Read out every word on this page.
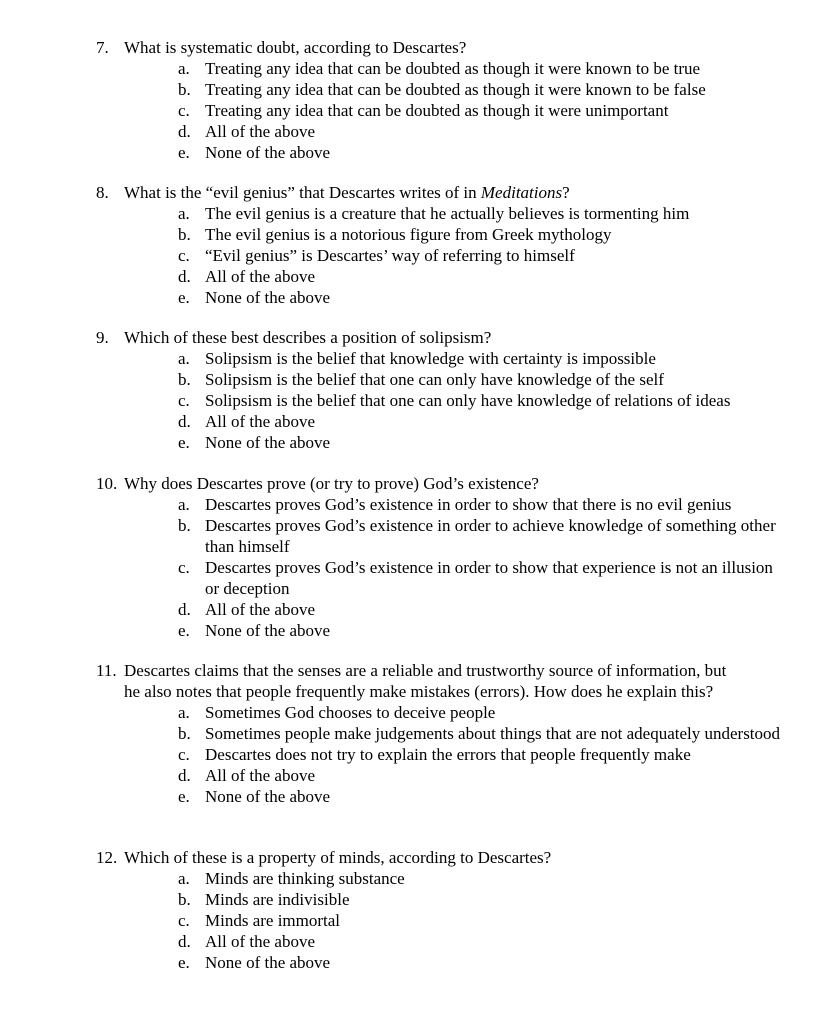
7. What is systematic doubt, according to Descartes?
a. Treating any idea that can be doubted as though it were known to be true
b. Treating any idea that can be doubted as though it were known to be false
c. Treating any idea that can be doubted as though it were unimportant
d. All of the above
e. None of the above
8. What is the “evil genius” that Descartes writes of in Meditations?
a. The evil genius is a creature that he actually believes is tormenting him
b. The evil genius is a notorious figure from Greek mythology
c. “Evil genius” is Descartes’ way of referring to himself
d. All of the above
e. None of the above
9. Which of these best describes a position of solipsism?
a. Solipsism is the belief that knowledge with certainty is impossible
b. Solipsism is the belief that one can only have knowledge of the self
c. Solipsism is the belief that one can only have knowledge of relations of ideas
d. All of the above
e. None of the above
10. Why does Descartes prove (or try to prove) God’s existence?
a. Descartes proves God’s existence in order to show that there is no evil genius
b. Descartes proves God’s existence in order to achieve knowledge of something other than himself
c. Descartes proves God’s existence in order to show that experience is not an illusion or deception
d. All of the above
e. None of the above
11. Descartes claims that the senses are a reliable and trustworthy source of information, but
he also notes that people frequently make mistakes (errors). How does he explain this?
a. Sometimes God chooses to deceive people
b. Sometimes people make judgements about things that are not adequately understood
c. Descartes does not try to explain the errors that people frequently make
d. All of the above
e. None of the above
12. Which of these is a property of minds, according to Descartes?
a. Minds are thinking substance
b. Minds are indivisible
c. Minds are immortal
d. All of the above
e. None of the above
